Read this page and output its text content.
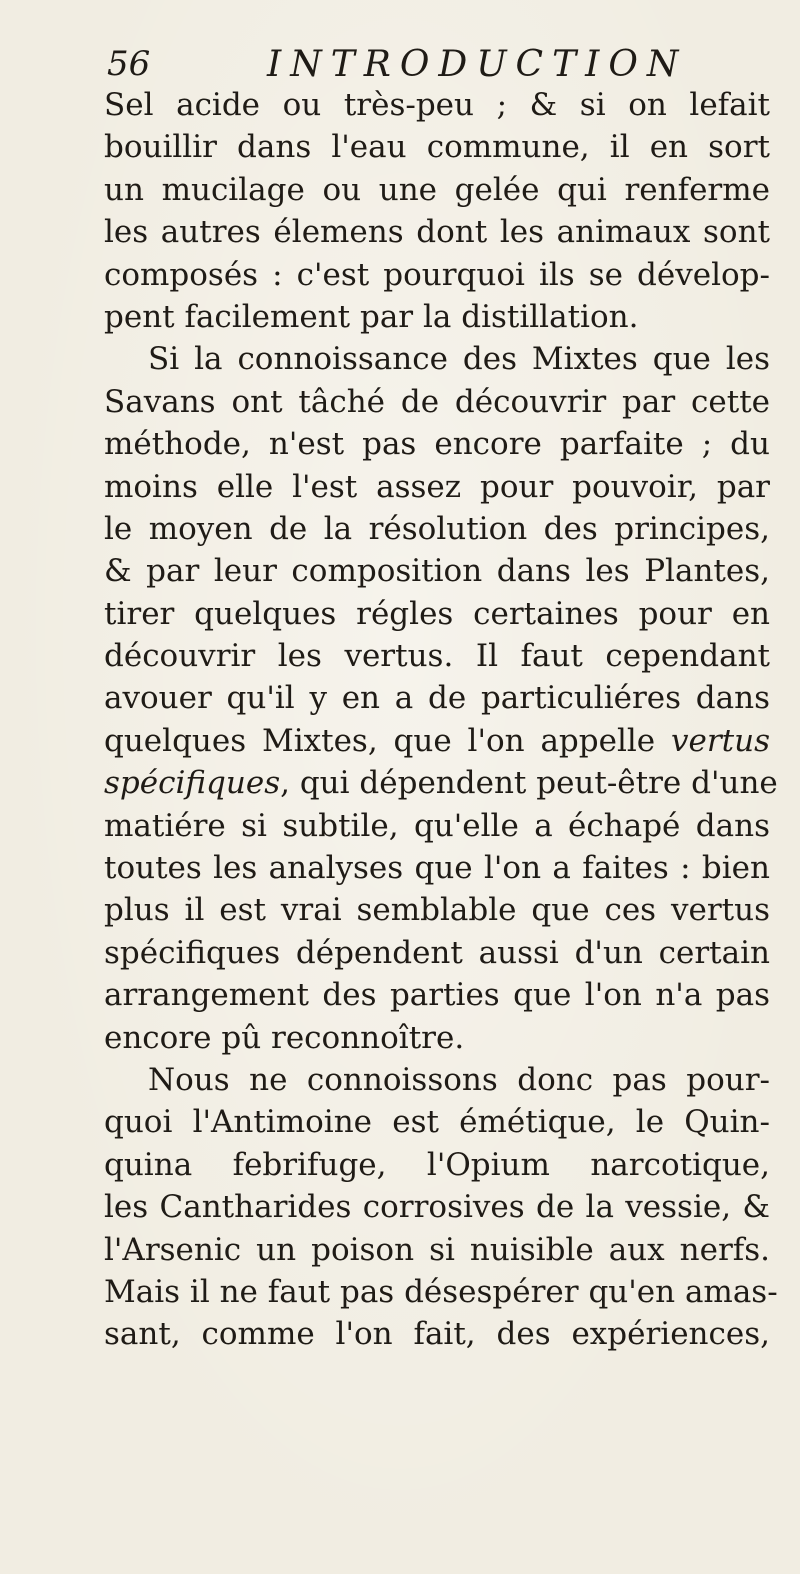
56	INTRODUCTION
Sel acide ou très-peu ; & si on lefait
bouillir dans l'eau commune, il en sort
un mucilage ou une gelée qui renferme
les autres élemens dont les animaux sont
composés : c'est pourquoi ils se dévelop-
pent facilement par la distillation.
Si la connoissance des Mixtes que les
Savans ont tâché de découvrir par cette
méthode, n'est pas encore parfaite ; du
moins elle l'est assez pour pouvoir, par
le moyen de la résolution des principes,
& par leur composition dans les Plantes,
tirer quelques régles certaines pour en
découvrir les vertus. Il faut cependant
avouer qu'il y en a de particuliéres dans
quelques Mixtes, que l'on appelle vertus
spécifiques, qui dépendent peut-être d'une
matiére si subtile, qu'elle a échapé dans
toutes les analyses que l'on a faites : bien
plus il est vrai semblable que ces vertus
spécifiques dépendent aussi d'un certain
arrangement des parties que l'on n'a pas
encore pû reconnoître.
Nous ne connoissons donc pas pour-
quoi l'Antimoine est émétique, le Quin-
quina febrifuge, l'Opium narcotique,
les Cantharides corrosives de la vessie, &
l'Arsenic un poison si nuisible aux nerfs.
Mais il ne faut pas désespérer qu'en amas-
sant, comme l'on fait, des expériences,
